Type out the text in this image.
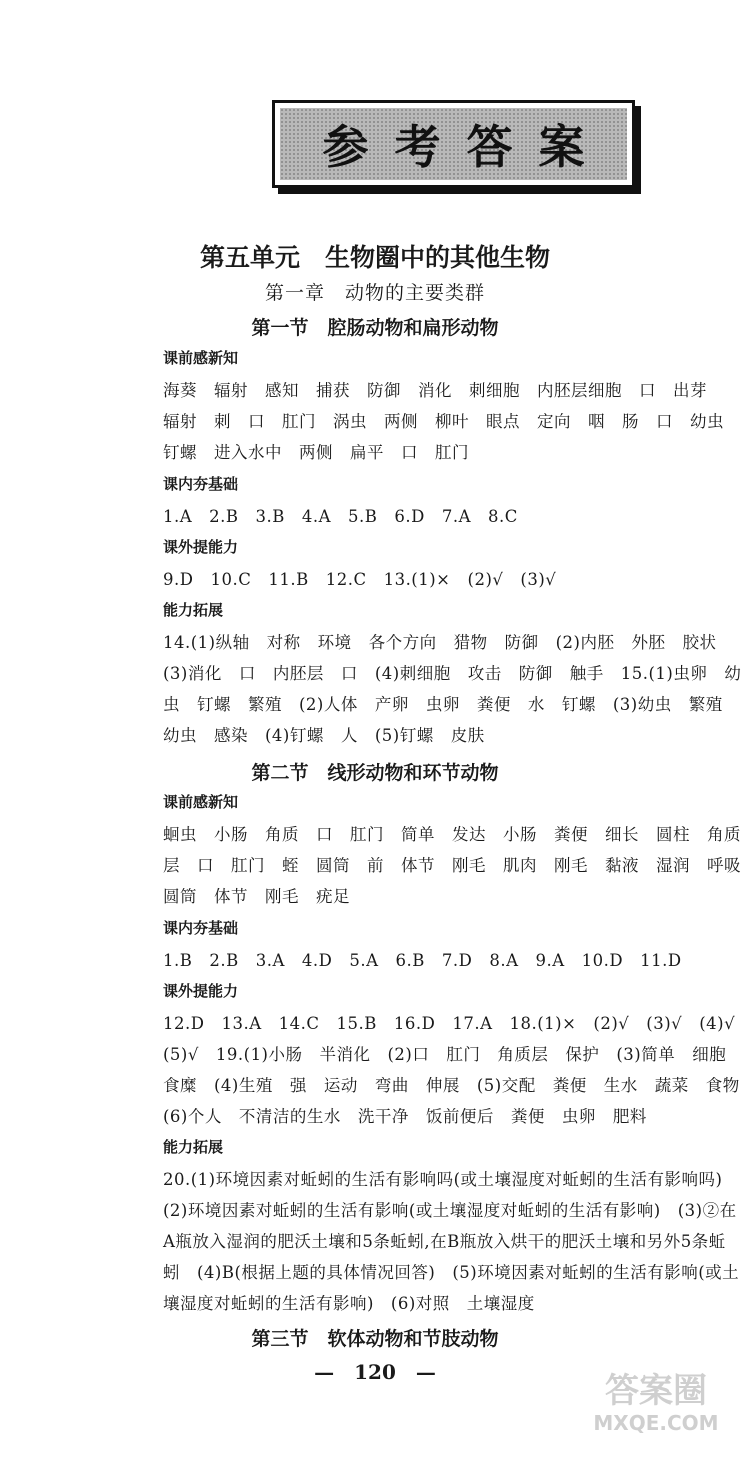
参考答案
第五单元　生物圈中的其他生物
第一章　动物的主要类群
第一节　腔肠动物和扁形动物
课前感新知
海葵　辐射　感知　捕获　防御　消化　刺细胞　内胚层细胞　口　出芽
辐射　刺　口　肛门　涡虫　两侧　柳叶　眼点　定向　咽　肠　口　幼虫
钉螺　进入水中　两侧　扁平　口　肛门
课内夯基础
1.A　2.B　3.B　4.A　5.B　6.D　7.A　8.C
课外提能力
9.D　10.C　11.B　12.C　13.(1)×　(2)√　(3)√
能力拓展
14.(1)纵轴　对称　环境　各个方向　猎物　防御　(2)内胚　外胚　胶状
(3)消化　口　内胚层　口　(4)刺细胞　攻击　防御　触手　15.(1)虫卵　幼
虫　钉螺　繁殖　(2)人体　产卵　虫卵　粪便　水　钉螺　(3)幼虫　繁殖
幼虫　感染　(4)钉螺　人　(5)钉螺　皮肤
第二节　线形动物和环节动物
课前感新知
蛔虫　小肠　角质　口　肛门　简单　发达　小肠　粪便　细长　圆柱　角质
层　口　肛门　蛭　圆筒　前　体节　刚毛　肌肉　刚毛　黏液　湿润　呼吸
圆筒　体节　刚毛　疣足
课内夯基础
1.B　2.B　3.A　4.D　5.A　6.B　7.D　8.A　9.A　10.D　11.D
课外提能力
12.D　13.A　14.C　15.B　16.D　17.A　18.(1)×　(2)√　(3)√　(4)√
(5)√　19.(1)小肠　半消化　(2)口　肛门　角质层　保护　(3)简单　细胞
食糜　(4)生殖　强　运动　弯曲　伸展　(5)交配　粪便　生水　蔬菜　食物
(6)个人　不清洁的生水　洗干净　饭前便后　粪便　虫卵　肥料
能力拓展
20.(1)环境因素对蚯蚓的生活有影响吗(或土壤湿度对蚯蚓的生活有影响吗)
(2)环境因素对蚯蚓的生活有影响(或土壤湿度对蚯蚓的生活有影响)　(3)②在
A瓶放入湿润的肥沃土壤和5条蚯蚓,在B瓶放入烘干的肥沃土壤和另外5条蚯
蚓　(4)B(根据上题的具体情况回答)　(5)环境因素对蚯蚓的生活有影响(或土
壤湿度对蚯蚓的生活有影响)　(6)对照　土壤湿度
第三节　软体动物和节肢动物
—　120　—	答案圈
MXQE.COM
